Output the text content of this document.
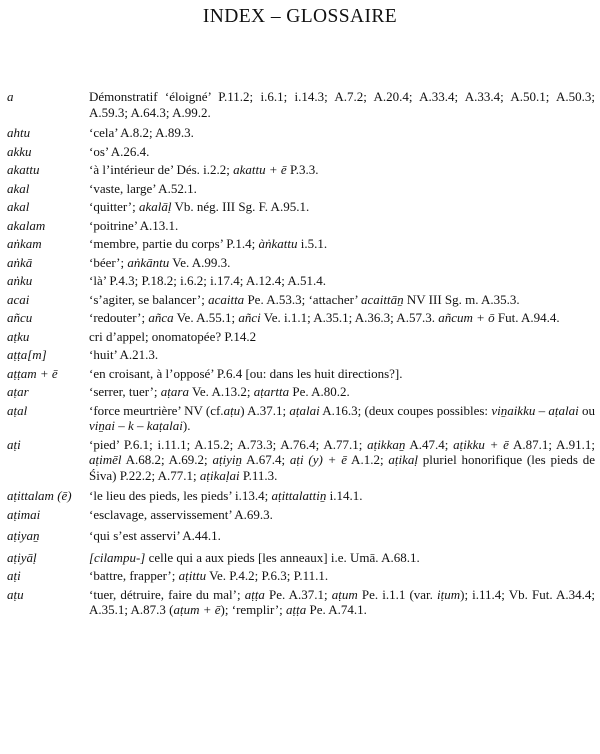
INDEX – GLOSSAIRE
a	Démonstratif ‘éloigné’ P.11.2; i.6.1; i.14.3; A.7.2; A.20.4; A.33.4; A.33.4; A.50.1; A.50.3; A.59.3; A.64.3; A.99.2.
ahtu	‘cela’ A.8.2; A.89.3.
akku	‘os’ A.26.4.
akattu	‘à l’intérieur de’ Dés. i.2.2; akattu + ē P.3.3.
akal	‘vaste, large’ A.52.1.
akal	‘quitter’; akalāḷ Vb. nég. III Sg. F. A.95.1.
akalam	‘poitrine’ A.13.1.
aṅkam	‘membre, partie du corps’ P.1.4; àṅkattu i.5.1.
aṅkā	‘béer’; aṅkāntu Ve. A.99.3.
aṅku	‘là’ P.4.3; P.18.2; i.6.2; i.17.4; A.12.4; A.51.4.
acai	‘s’agiter, se balancer’; acaitta Pe. A.53.3; ‘attacher’ acaittāṉ NV III Sg. m. A.35.3.
añcu	‘redouter’; añca Ve. A.55.1; añci Ve. i.1.1; A.35.1; A.36.3; A.57.3. añcum + ō Fut. A.94.4.
aṭku	cri d’appel; onomatopée? P.14.2
aṭṭa[m]	‘huit’ A.21.3.
aṭṭam + ē	‘en croisant, à l’opposé’ P.6.4 [ou: dans les huit directions?].
aṭar	‘serrer, tuer’; aṭara Ve. A.13.2; aṭartta Pe. A.80.2.
aṭal	‘force meurtrière’ NV (cf.aṭu) A.37.1; aṭalai A.16.3; (deux coupes possibles: viṉaikku – aṭalai ou viṉai – k – kaṭalai).
aṭi	‘pied’ P.6.1; i.11.1; A.15.2; A.73.3; A.76.4; A.77.1; aṭikkaṉ A.47.4; aṭikku + ē A.87.1; A.91.1; aṭimēl A.68.2; A.69.2; aṭiyiṉ A.67.4; aṭi (y) + ē A.1.2; aṭikaḷ pluriel honorifique (les pieds de Śiva) P.22.2; A.77.1; aṭikaḷai P.11.3.
aṭittalam (ē)	‘le lieu des pieds, les pieds’ i.13.4; aṭittalattiṉ i.14.1.
aṭimai	‘esclavage, asservissement’ A.69.3.
aṭiyaṉ	‘qui s’est asservi’ A.44.1.
aṭiyāḷ	[cilampu-] celle qui a aux pieds [les anneaux] i.e. Umā. A.68.1.
aṭi	‘battre, frapper’; aṭittu Ve. P.4.2; P.6.3; P.11.1.
aṭu	‘tuer, détruire, faire du mal’; aṭṭa Pe. A.37.1; aṭum Pe. i.1.1 (var. iṭum); i.11.4; Vb. Fut. A.34.4; A.35.1; A.87.3 (aṭum + ē); ‘remplir’; aṭṭa Pe. A.74.1.
